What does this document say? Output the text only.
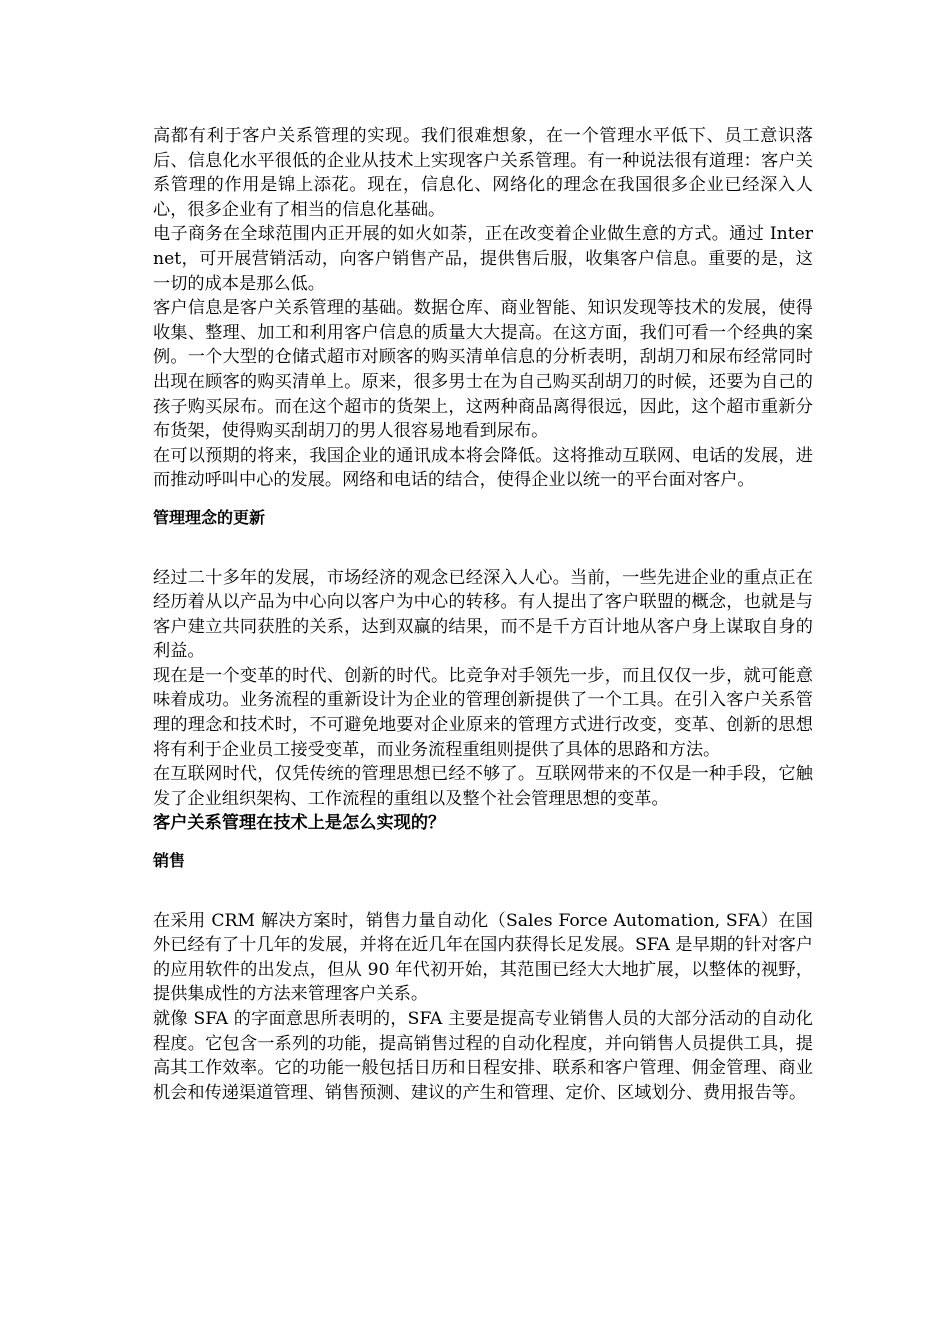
高都有利于客户关系管理的实现。我们很难想象，在一个管理水平低下、员工意识落后、信息化水平很低的企业从技术上实现客户关系管理。有一种说法很有道理：客户关系管理的作用是锦上添花。现在，信息化、网络化的理念在我国很多企业已经深入人心，很多企业有了相当的信息化基础。

电子商务在全球范围内正开展的如火如荼，正在改变着企业做生意的方式。通过 Internet，可开展营销活动，向客户销售产品，提供售后服，收集客户信息。重要的是，这一切的成本是那么低。

客户信息是客户关系管理的基础。数据仓库、商业智能、知识发现等技术的发展，使得收集、整理、加工和利用客户信息的质量大大提高。在这方面，我们可看一个经典的案例。一个大型的仓储式超市对顾客的购买清单信息的分析表明，刮胡刀和尿布经常同时出现在顾客的购买清单上。原来，很多男士在为自己购买刮胡刀的时候，还要为自己的孩子购买尿布。而在这个超市的货架上，这两种商品离得很远，因此，这个超市重新分布货架，使得购买刮胡刀的男人很容易地看到尿布。

在可以预期的将来，我国企业的通讯成本将会降低。这将推动互联网、电话的发展，进而推动呼叫中心的发展。网络和电话的结合，使得企业以统一的平台面对客户。

管理理念的更新

经过二十多年的发展，市场经济的观念已经深入人心。当前，一些先进企业的重点正在经历着从以产品为中心向以客户为中心的转移。有人提出了客户联盟的概念，也就是与客户建立共同获胜的关系，达到双赢的结果，而不是千方百计地从客户身上谋取自身的利益。

现在是一个变革的时代、创新的时代。比竞争对手领先一步，而且仅仅一步，就可能意味着成功。业务流程的重新设计为企业的管理创新提供了一个工具。在引入客户关系管理的理念和技术时，不可避免地要对企业原来的管理方式进行改变，变革、创新的思想将有利于企业员工接受变革，而业务流程重组则提供了具体的思路和方法。

在互联网时代，仅凭传统的管理思想已经不够了。互联网带来的不仅是一种手段，它触发了企业组织架构、工作流程的重组以及整个社会管理思想的变革。

客户关系管理在技术上是怎么实现的？
销售

在采用 CRM 解决方案时，销售力量自动化（Sales Force Automation, SFA）在国外已经有了十几年的发展，并将在近几年在国内获得长足发展。SFA 是早期的针对客户的应用软件的出发点，但从 90 年代初开始，其范围已经大大地扩展，以整体的视野，提供集成性的方法来管理客户关系。

就像 SFA 的字面意思所表明的，SFA 主要是提高专业销售人员的大部分活动的自动化程度。它包含一系列的功能，提高销售过程的自动化程度，并向销售人员提供工具，提高其工作效率。它的功能一般包括日历和日程安排、联系和客户管理、佣金管理、商业机会和传递渠道管理、销售预测、建议的产生和管理、定价、区域划分、费用报告等。
